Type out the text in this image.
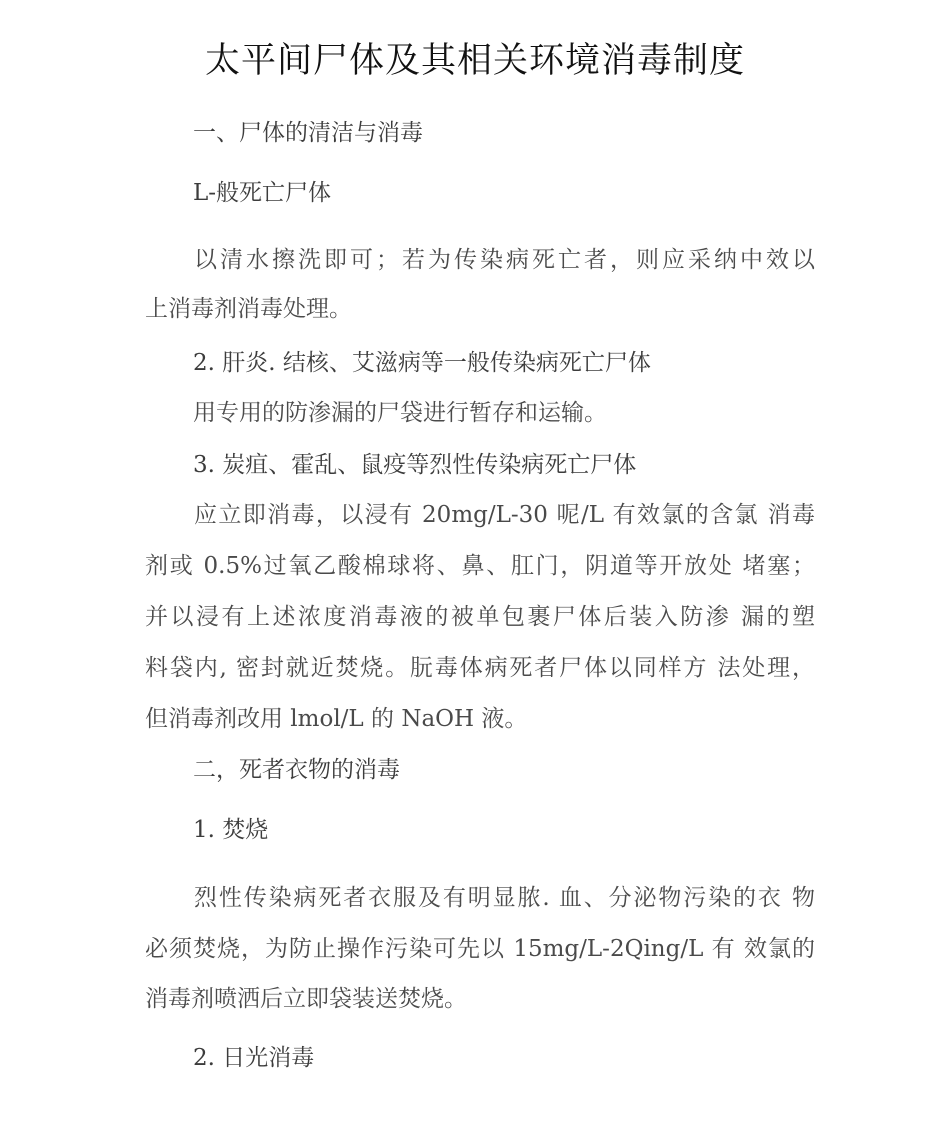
太平间尸体及其相关环境消毒制度
一、尸体的清洁与消毒
L-般死亡尸体
以清水擦洗即可；若为传染病死亡者，则应采纳中效以
上消毒剂消毒处理。
2. 肝炎. 结核、艾滋病等一般传染病死亡尸体
用专用的防渗漏的尸袋进行暂存和运输。
3. 炭疽、霍乱、鼠疫等烈性传染病死亡尸体
应立即消毒，以浸有 20mg/L-30 呢/L 有效氯的含氯 消毒
剂或 0.5%过氧乙酸棉球将、鼻、肛门，阴道等开放处 堵塞；
并以浸有上述浓度消毒液的被单包裹尸体后装入防渗 漏的塑
料袋内, 密封就近焚烧。朊毒体病死者尸体以同样方 法处理，
但消毒剂改用 lmol/L 的 NaOH 液。
二，死者衣物的消毒
1. 焚烧
烈性传染病死者衣服及有明显脓. 血、分泌物污染的衣 物
必须焚烧，为防止操作污染可先以 15mg/L-2Qing/L 有 效氯的
消毒剂喷洒后立即袋装送焚烧。
2. 日光消毒
